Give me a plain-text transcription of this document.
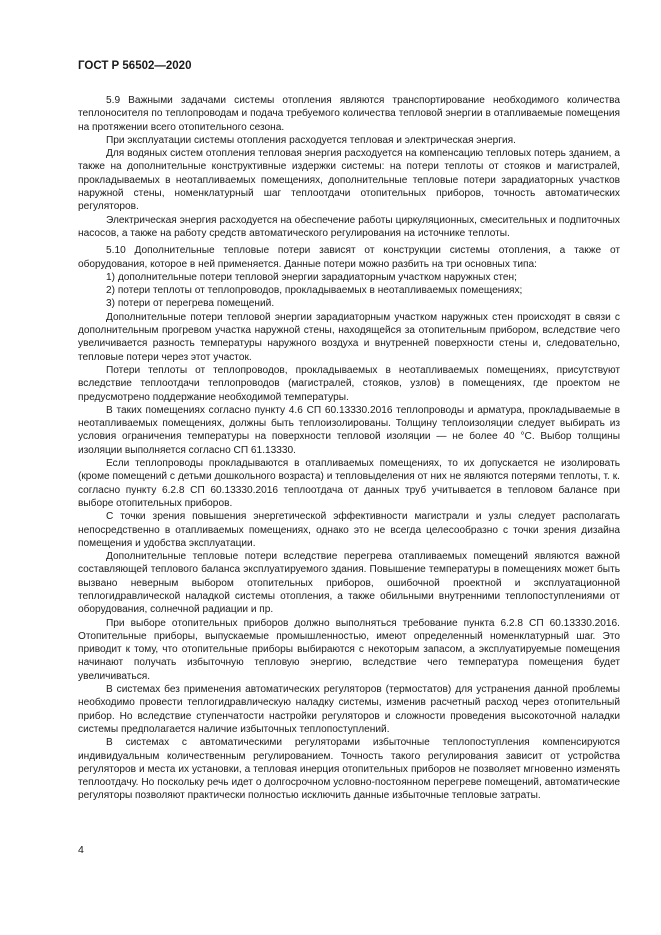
ГОСТ Р 56502—2020

5.9 Важными задачами системы отопления являются транспортирование необходимого количества теплоносителя по теплопроводам и подача требуемого количества тепловой энергии в отапливаемые помещения на протяжении всего отопительного сезона.

При эксплуатации системы отопления расходуется тепловая и электрическая энергия.

Для водяных систем отопления тепловая энергия расходуется на компенсацию тепловых потерь зданием, а также на дополнительные конструктивные издержки системы: на потери теплоты от стояков и магистралей, прокладываемых в неотапливаемых помещениях, дополнительные тепловые потери зарадиаторных участков наружной стены, номенклатурный шаг теплоотдачи отопительных приборов, точность автоматических регуляторов.

Электрическая энергия расходуется на обеспечение работы циркуляционных, смесительных и подпиточных насосов, а также на работу средств автоматического регулирования на источнике теплоты.

5.10 Дополнительные тепловые потери зависят от конструкции системы отопления, а также от оборудования, которое в ней применяется. Данные потери можно разбить на три основных типа:

1) дополнительные потери тепловой энергии зарадиаторным участком наружных стен;

2) потери теплоты от теплопроводов, прокладываемых в неотапливаемых помещениях;

3) потери от перегрева помещений.

Дополнительные потери тепловой энергии зарадиаторным участком наружных стен происходят в связи с дополнительным прогревом участка наружной стены, находящейся за отопительным прибором, вследствие чего увеличивается разность температуры наружного воздуха и внутренней поверхности стены и, следовательно, тепловые потери через этот участок.

Потери теплоты от теплопроводов, прокладываемых в неотапливаемых помещениях, присутствуют вследствие теплоотдачи теплопроводов (магистралей, стояков, узлов) в помещениях, где проектом не предусмотрено поддержание необходимой температуры.

В таких помещениях согласно пункту 4.6 СП 60.13330.2016 теплопроводы и арматура, прокладываемые в неотапливаемых помещениях, должны быть теплоизолированы. Толщину теплоизоляции следует выбирать из условия ограничения температуры на поверхности тепловой изоляции — не более 40 °С. Выбор толщины изоляции выполняется согласно СП 61.13330.

Если теплопроводы прокладываются в отапливаемых помещениях, то их допускается не изолировать (кроме помещений с детьми дошкольного возраста) и тепловыделения от них не являются потерями теплоты, т. к. согласно пункту 6.2.8 СП 60.13330.2016 теплоотдача от данных труб учитывается в тепловом балансе при выборе отопительных приборов.

С точки зрения повышения энергетической эффективности магистрали и узлы следует располагать непосредственно в отапливаемых помещениях, однако это не всегда целесообразно с точки зрения дизайна помещения и удобства эксплуатации.

Дополнительные тепловые потери вследствие перегрева отапливаемых помещений являются важной составляющей теплового баланса эксплуатируемого здания. Повышение температуры в помещениях может быть вызвано неверным выбором отопительных приборов, ошибочной проектной и эксплуатационной теплогидравлической наладкой системы отопления, а также обильными внутренними теплопоступлениями от оборудования, солнечной радиации и пр.

При выборе отопительных приборов должно выполняться требование пункта 6.2.8 СП 60.13330.2016. Отопительные приборы, выпускаемые промышленностью, имеют определенный номенклатурный шаг. Это приводит к тому, что отопительные приборы выбираются с некоторым запасом, а эксплуатируемые помещения начинают получать избыточную тепловую энергию, вследствие чего температура помещения будет увеличиваться.

В системах без применения автоматических регуляторов (термостатов) для устранения данной проблемы необходимо провести теплогидравлическую наладку системы, изменив расчетный расход через отопительный прибор. Но вследствие ступенчатости настройки регуляторов и сложности проведения высокоточной наладки системы предполагается наличие избыточных теплопоступлений.

В системах с автоматическими регуляторами избыточные теплопоступления компенсируются индивидуальным количественным регулированием. Точность такого регулирования зависит от устройства регуляторов и места их установки, а тепловая инерция отопительных приборов не позволяет мгновенно изменять теплоотдачу. Но поскольку речь идет о долгосрочном условно-постоянном перегреве помещений, автоматические регуляторы позволяют практически полностью исключить данные избыточные тепловые затраты.

4
